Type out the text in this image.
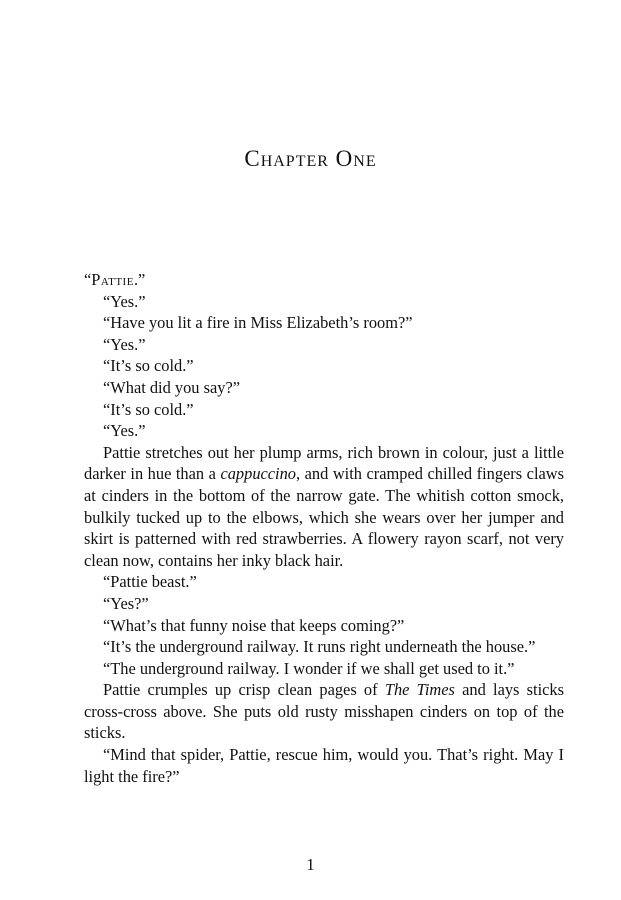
Chapter One

“Pattie.”

“Yes.”

“Have you lit a fire in Miss Elizabeth’s room?”

“Yes.”

“It’s so cold.”

“What did you say?”

“It’s so cold.”

“Yes.”

Pattie stretches out her plump arms, rich brown in colour, just a little darker in hue than a cappuccino, and with cramped chilled fingers claws at cinders in the bottom of the narrow gate. The whitish cotton smock, bulkily tucked up to the elbows, which she wears over her jumper and skirt is patterned with red strawberries. A flowery rayon scarf, not very clean now, contains her inky black hair.

“Pattie beast.”

“Yes?”

“What’s that funny noise that keeps coming?”

“It’s the underground railway. It runs right underneath the house.”

“The underground railway. I wonder if we shall get used to it.”

Pattie crumples up crisp clean pages of The Times and lays sticks cross-cross above. She puts old rusty misshapen cinders on top of the sticks.

“Mind that spider, Pattie, rescue him, would you. That’s right. May I light the fire?”

1
